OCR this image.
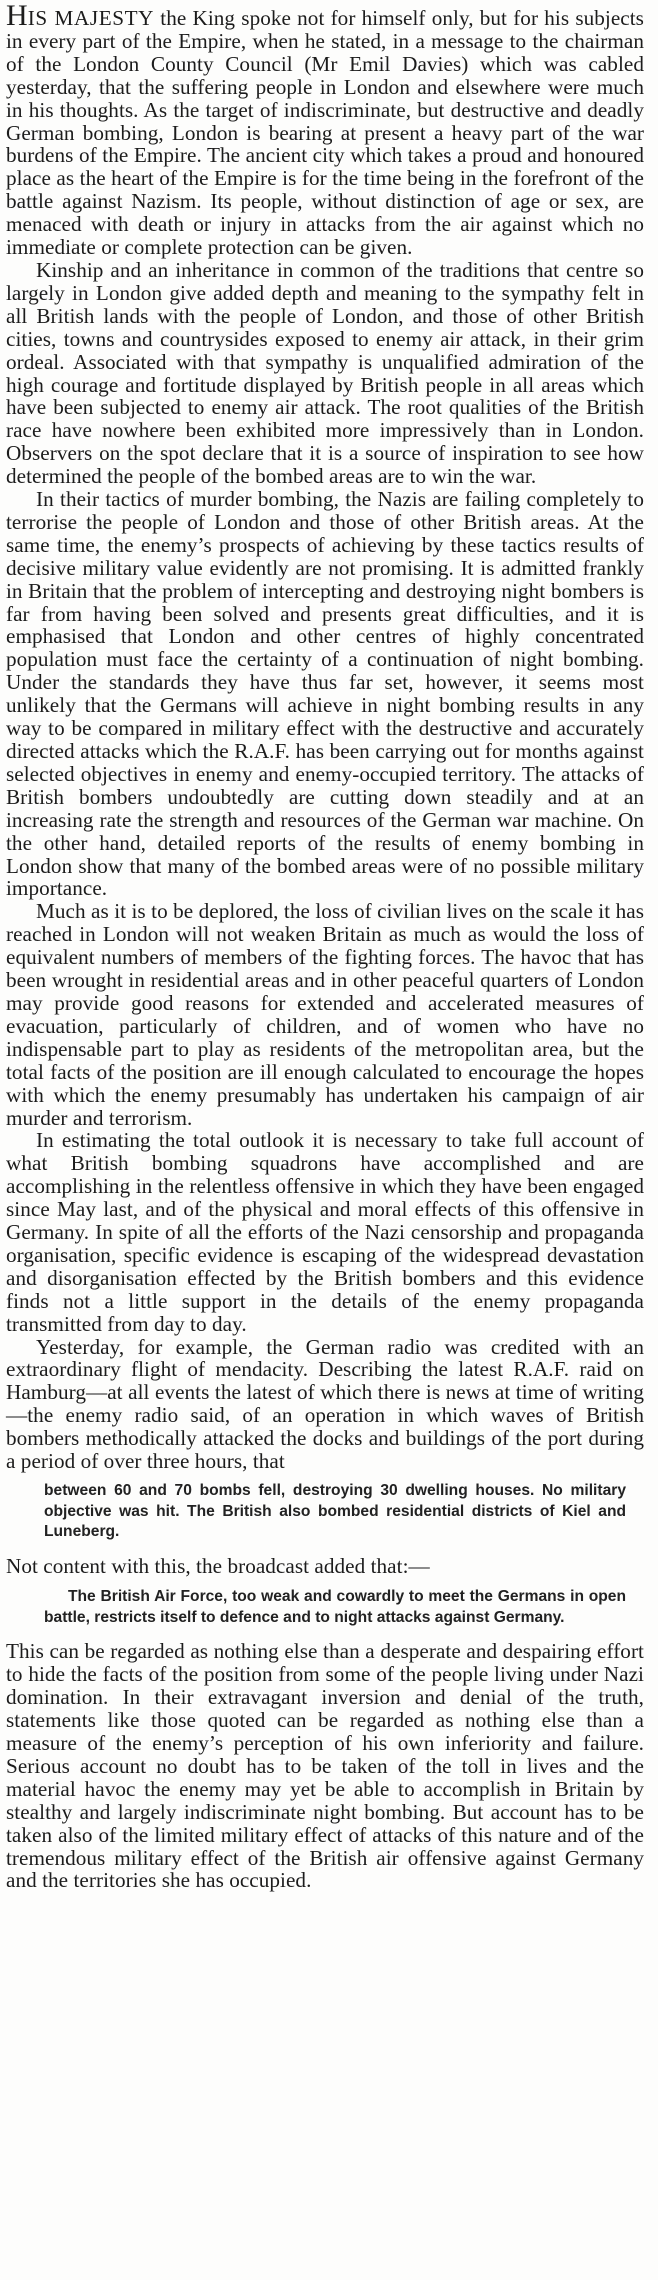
HIS MAJESTY the King spoke not for himself only, but for his subjects in every part of the Empire, when he stated, in a message to the chairman of the London County Council (Mr Emil Davies) which was cabled yesterday, that the suffering people in London and elsewhere were much in his thoughts. As the target of indiscriminate, but destructive and deadly German bombing, London is bearing at present a heavy part of the war burdens of the Empire. The ancient city which takes a proud and honoured place as the heart of the Empire is for the time being in the forefront of the battle against Nazism. Its people, without distinction of age or sex, are menaced with death or injury in attacks from the air against which no immediate or complete protection can be given.

Kinship and an inheritance in common of the traditions that centre so largely in London give added depth and meaning to the sympathy felt in all British lands with the people of London, and those of other British cities, towns and countrysides exposed to enemy air attack, in their grim ordeal. Associated with that sympathy is unqualified admiration of the high courage and fortitude displayed by British people in all areas which have been subjected to enemy air attack. The root qualities of the British race have nowhere been exhibited more impressively than in London. Observers on the spot declare that it is a source of inspiration to see how determined the people of the bombed areas are to win the war.

In their tactics of murder bombing, the Nazis are failing completely to terrorise the people of London and those of other British areas. At the same time, the enemy’s prospects of achieving by these tactics results of decisive military value evidently are not promising. It is admitted frankly in Britain that the problem of intercepting and destroying night bombers is far from having been solved and presents great difficulties, and it is emphasised that London and other centres of highly concentrated population must face the certainty of a continuation of night bombing. Under the standards they have thus far set, however, it seems most unlikely that the Germans will achieve in night bombing results in any way to be compared in military effect with the destructive and accurately directed attacks which the R.A.F. has been carrying out for months against selected objectives in enemy and enemy-occupied territory. The attacks of British bombers undoubtedly are cutting down steadily and at an increasing rate the strength and resources of the German war machine. On the other hand, detailed reports of the results of enemy bombing in London show that many of the bombed areas were of no possible military importance.

Much as it is to be deplored, the loss of civilian lives on the scale it has reached in London will not weaken Britain as much as would the loss of equivalent numbers of members of the fighting forces. The havoc that has been wrought in residential areas and in other peaceful quarters of London may provide good reasons for extended and accelerated measures of evacuation, particularly of children, and of women who have no indispensable part to play as residents of the metropolitan area, but the total facts of the position are ill enough calculated to encourage the hopes with which the enemy presumably has undertaken his campaign of air murder and terrorism.

In estimating the total outlook it is necessary to take full account of what British bombing squadrons have accomplished and are accomplishing in the relentless offensive in which they have been engaged since May last, and of the physical and moral effects of this offensive in Germany. In spite of all the efforts of the Nazi censorship and propaganda organisation, specific evidence is escaping of the widespread devastation and disorganisation effected by the British bombers and this evidence finds not a little support in the details of the enemy propaganda transmitted from day to day.

Yesterday, for example, the German radio was credited with an extraordinary flight of mendacity. Describing the latest R.A.F. raid on Hamburg—at all events the latest of which there is news at time of writing—the enemy radio said, of an operation in which waves of British bombers methodically attacked the docks and buildings of the port during a period of over three hours, that

between 60 and 70 bombs fell, destroying 30 dwelling houses. No military objective was hit. The British also bombed residential districts of Kiel and Luneberg.

Not content with this, the broadcast added that:—

The British Air Force, too weak and cowardly to meet the Germans in open battle, restricts itself to defence and to night attacks against Germany.

This can be regarded as nothing else than a desperate and despairing effort to hide the facts of the position from some of the people living under Nazi domination. In their extravagant inversion and denial of the truth, statements like those quoted can be regarded as nothing else than a measure of the enemy’s perception of his own inferiority and failure. Serious account no doubt has to be taken of the toll in lives and the material havoc the enemy may yet be able to accomplish in Britain by stealthy and largely indiscriminate night bombing. But account has to be taken also of the limited military effect of attacks of this nature and of the tremendous military effect of the British air offensive against Germany and the territories she has occupied.
